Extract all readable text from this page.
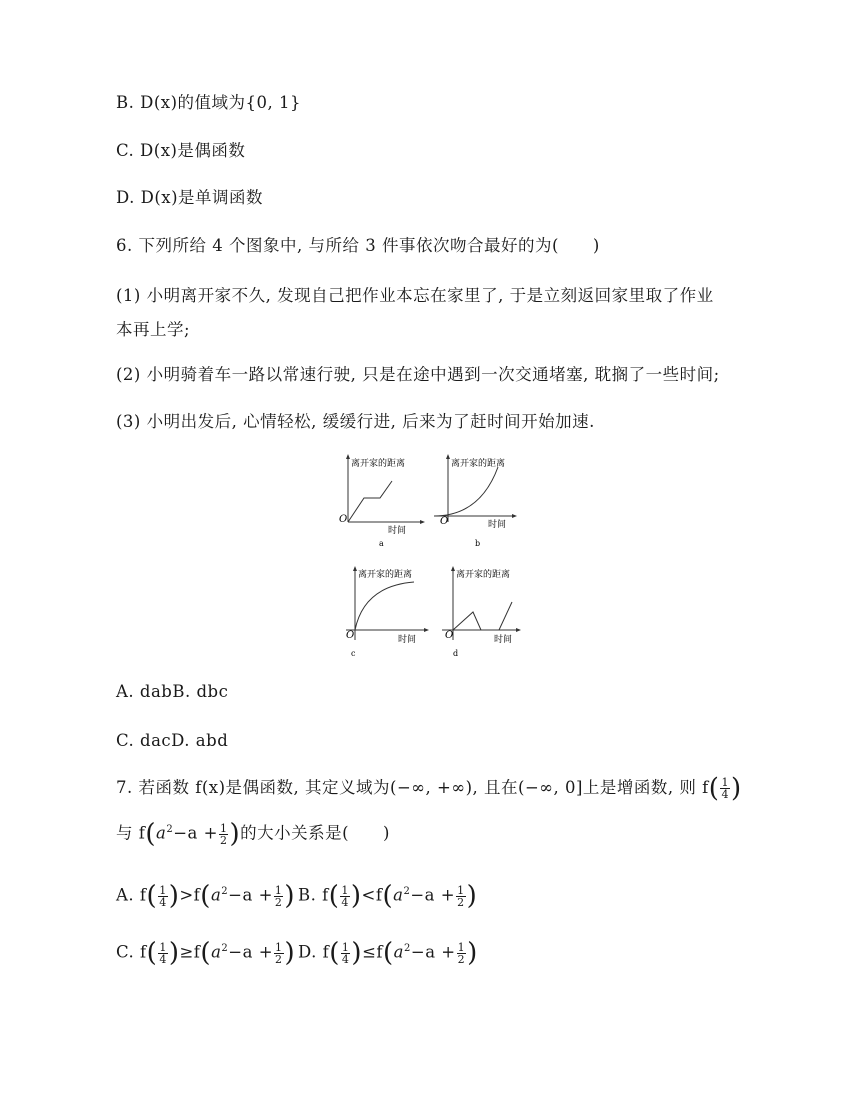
B. D(x)的值域为{0, 1}
C. D(x)是偶函数
D. D(x)是单调函数
6. 下列所给 4 个图象中, 与所给 3 件事依次吻合最好的为(　　)
(1) 小明离开家不久, 发现自己把作业本忘在家里了, 于是立刻返回家里取了作业
本再上学;
(2) 小明骑着车一路以常速行驶, 只是在途中遇到一次交通堵塞, 耽搁了一些时间;
(3) 小明出发后, 心情轻松, 缓缓行进, 后来为了赶时间开始加速.
离开家的距离
O
时间
a
离开家的距离
O	时间
b
离开家的距离
O	时间
c
离开家的距离
O	时间
d
A. dabB. dbc
C. dacD. abd
7. 若函数 f(x)是偶函数, 其定义域为(−∞, +∞), 且在(−∞, 0]上是增函数, 则 $f( \frac{1}{4}$ )
与 $f(a^2-a + \frac{1}{2}$ )的大小关系是(　　)
A. $f( \frac{1}{4} )>f(a^2-a + \frac{1}{2}$ ) B. $f( \frac{1}{4} )<f(a^2-a + \frac{1}{2}$ )
C. $f( \frac{1}{4} )\ge f(a^2-a + \frac{1}{2}$ ) D. $f( \frac{1}{4} )\le f(a^2-a + \frac{1}{2}$ )
